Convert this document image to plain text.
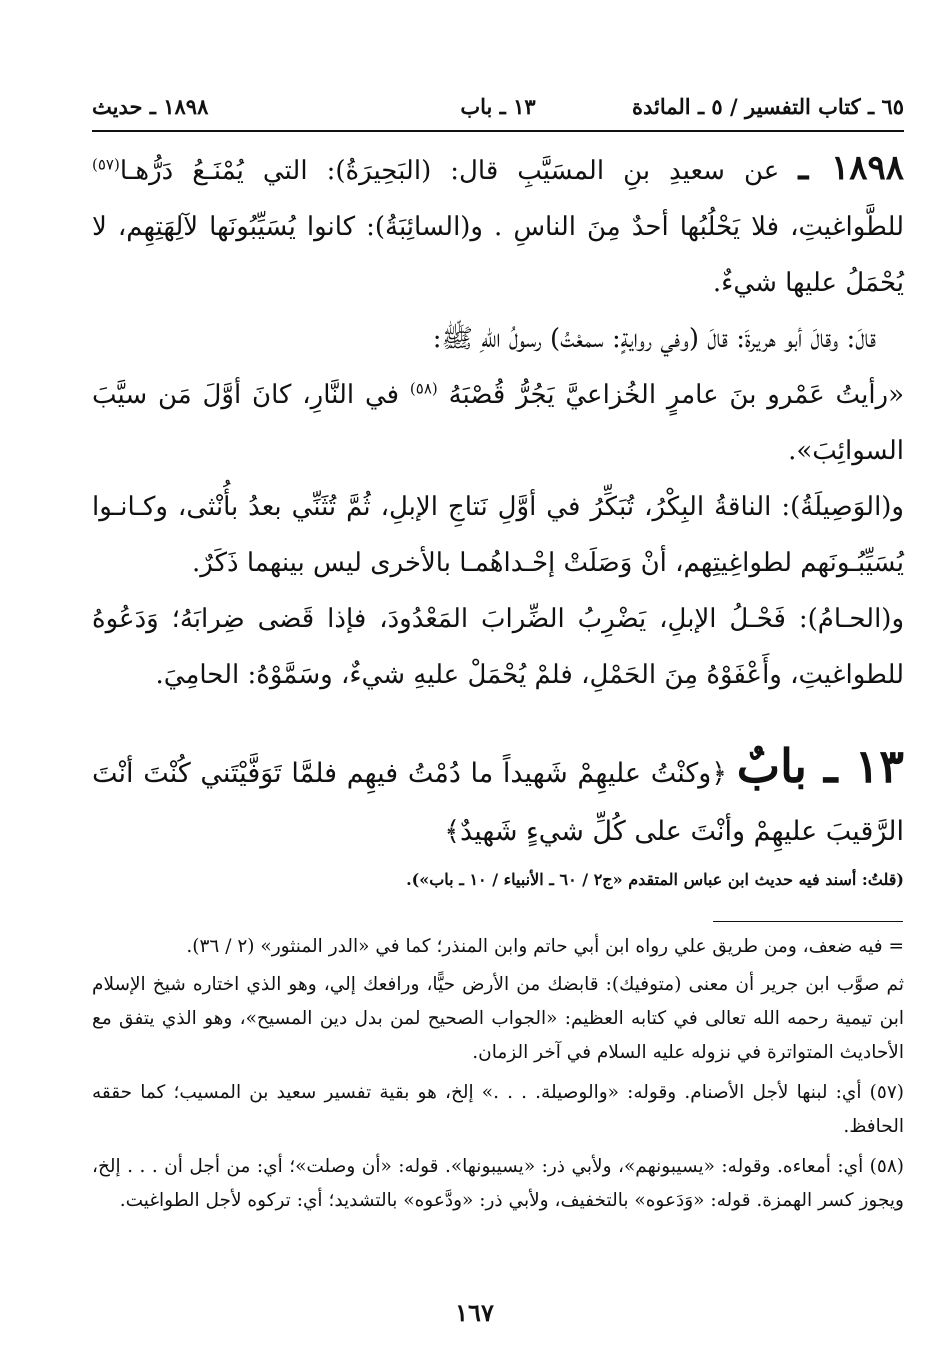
٦٥ ـ كتاب التفسير / ٥ ـ المائدة
١٣ ـ باب
١٨٩٨ ـ حديث

١٨٩٨ ـ عن سعيدِ بنِ المسَيَّبِ قال: (البَحِيرَةُ): التي يُمْنَـعُ دَرُّهـا$^{(٥٧)}$ للطَّواغيتِ، فلا يَحْلُبُها أحدٌ مِنَ الناسِ . و(السائِبَةُ): كانوا يُسَيِّبُونَها لآلِهَتِهِم، لا يُحْمَلُ عليها شيءٌ.

قالَ: وقالَ أبو هريرةَ: قالَ (وفي روايةٍ: سمعْتُ) رسولُ اللهِ ﷺ:

«رأيتُ عَمْرو بنَ عامرٍ الخُزاعيَّ يَجُرُّ قُصْبَهُ $^{(٥٨)}$ في النَّارِ، كانَ أوَّلَ مَن سيَّبَ السوائِبَ».

و(الوَصِيلَةُ): الناقةُ البِكْرُ، تُبَكِّرُ في أوَّلِ نَتاجِ الإبلِ، ثُمَّ تُثَنِّي بعدُ بأُنْثى، وكـانـوا يُسَيِّبُـونَهم لطواغِيتِهم، أنْ وَصَلَتْ إحْـداهُمـا بالأخرى ليس بينهما ذَكَرٌ.

و(الحـامُ): فَحْـلُ الإبلِ، يَضْرِبُ الضِّرابَ المَعْدُودَ، فإذا قَضى ضِرابَهُ؛ وَدَعُوهُ للطواغيتِ، وأَعْفَوْهُ مِنَ الحَمْلِ، فلمْ يُحْمَلْ عليهِ شيءٌ، وسَمَّوْهُ: الحامِيَ.

١٣ ـ بابٌ ﴿وكنْتُ عليهِمْ شَهيداً ما دُمْتُ فيهِم فلمَّا تَوَفَّيْتَني كُنْتَ أنْتَ الرَّقيبَ عليهِمْ وأنْتَ على كُلِّ شيءٍ شَهيدٌ﴾
(قلتُ: أسند فيه حديث ابن عباس المتقدم «ج٢ / ٦٠ ـ الأنبياء / ١٠ ـ باب»).

= فيه ضعف، ومن طريق علي رواه ابن أبي حاتم وابن المنذر؛ كما في «الدر المنثور» (٢ / ٣٦).

ثم صوَّب ابن جرير أن معنى (متوفيك): قابضك من الأرض حيًّا، ورافعك إلي، وهو الذي اختاره شيخ الإسلام ابن تيمية رحمه الله تعالى في كتابه العظيم: «الجواب الصحيح لمن بدل دين المسيح»، وهو الذي يتفق مع الأحاديث المتواترة في نزوله عليه السلام في آخر الزمان.

(٥٧) أي: لبنها لأجل الأصنام. وقوله: «والوصيلة. . . .» إلخ، هو بقية تفسير سعيد بن المسيب؛ كما حققه الحافظ.

(٥٨) أي: أمعاءه. وقوله: «يسيبونهم»، ولأبي ذر: «يسيبونها». قوله: «أن وصلت»؛ أي: من أجل أن . . . إلخ، ويجوز كسر الهمزة. قوله: «وَدَعوه» بالتخفيف، ولأبي ذر: «ودَّعوه» بالتشديد؛ أي: تركوه لأجل الطواغيت.

١٦٧
